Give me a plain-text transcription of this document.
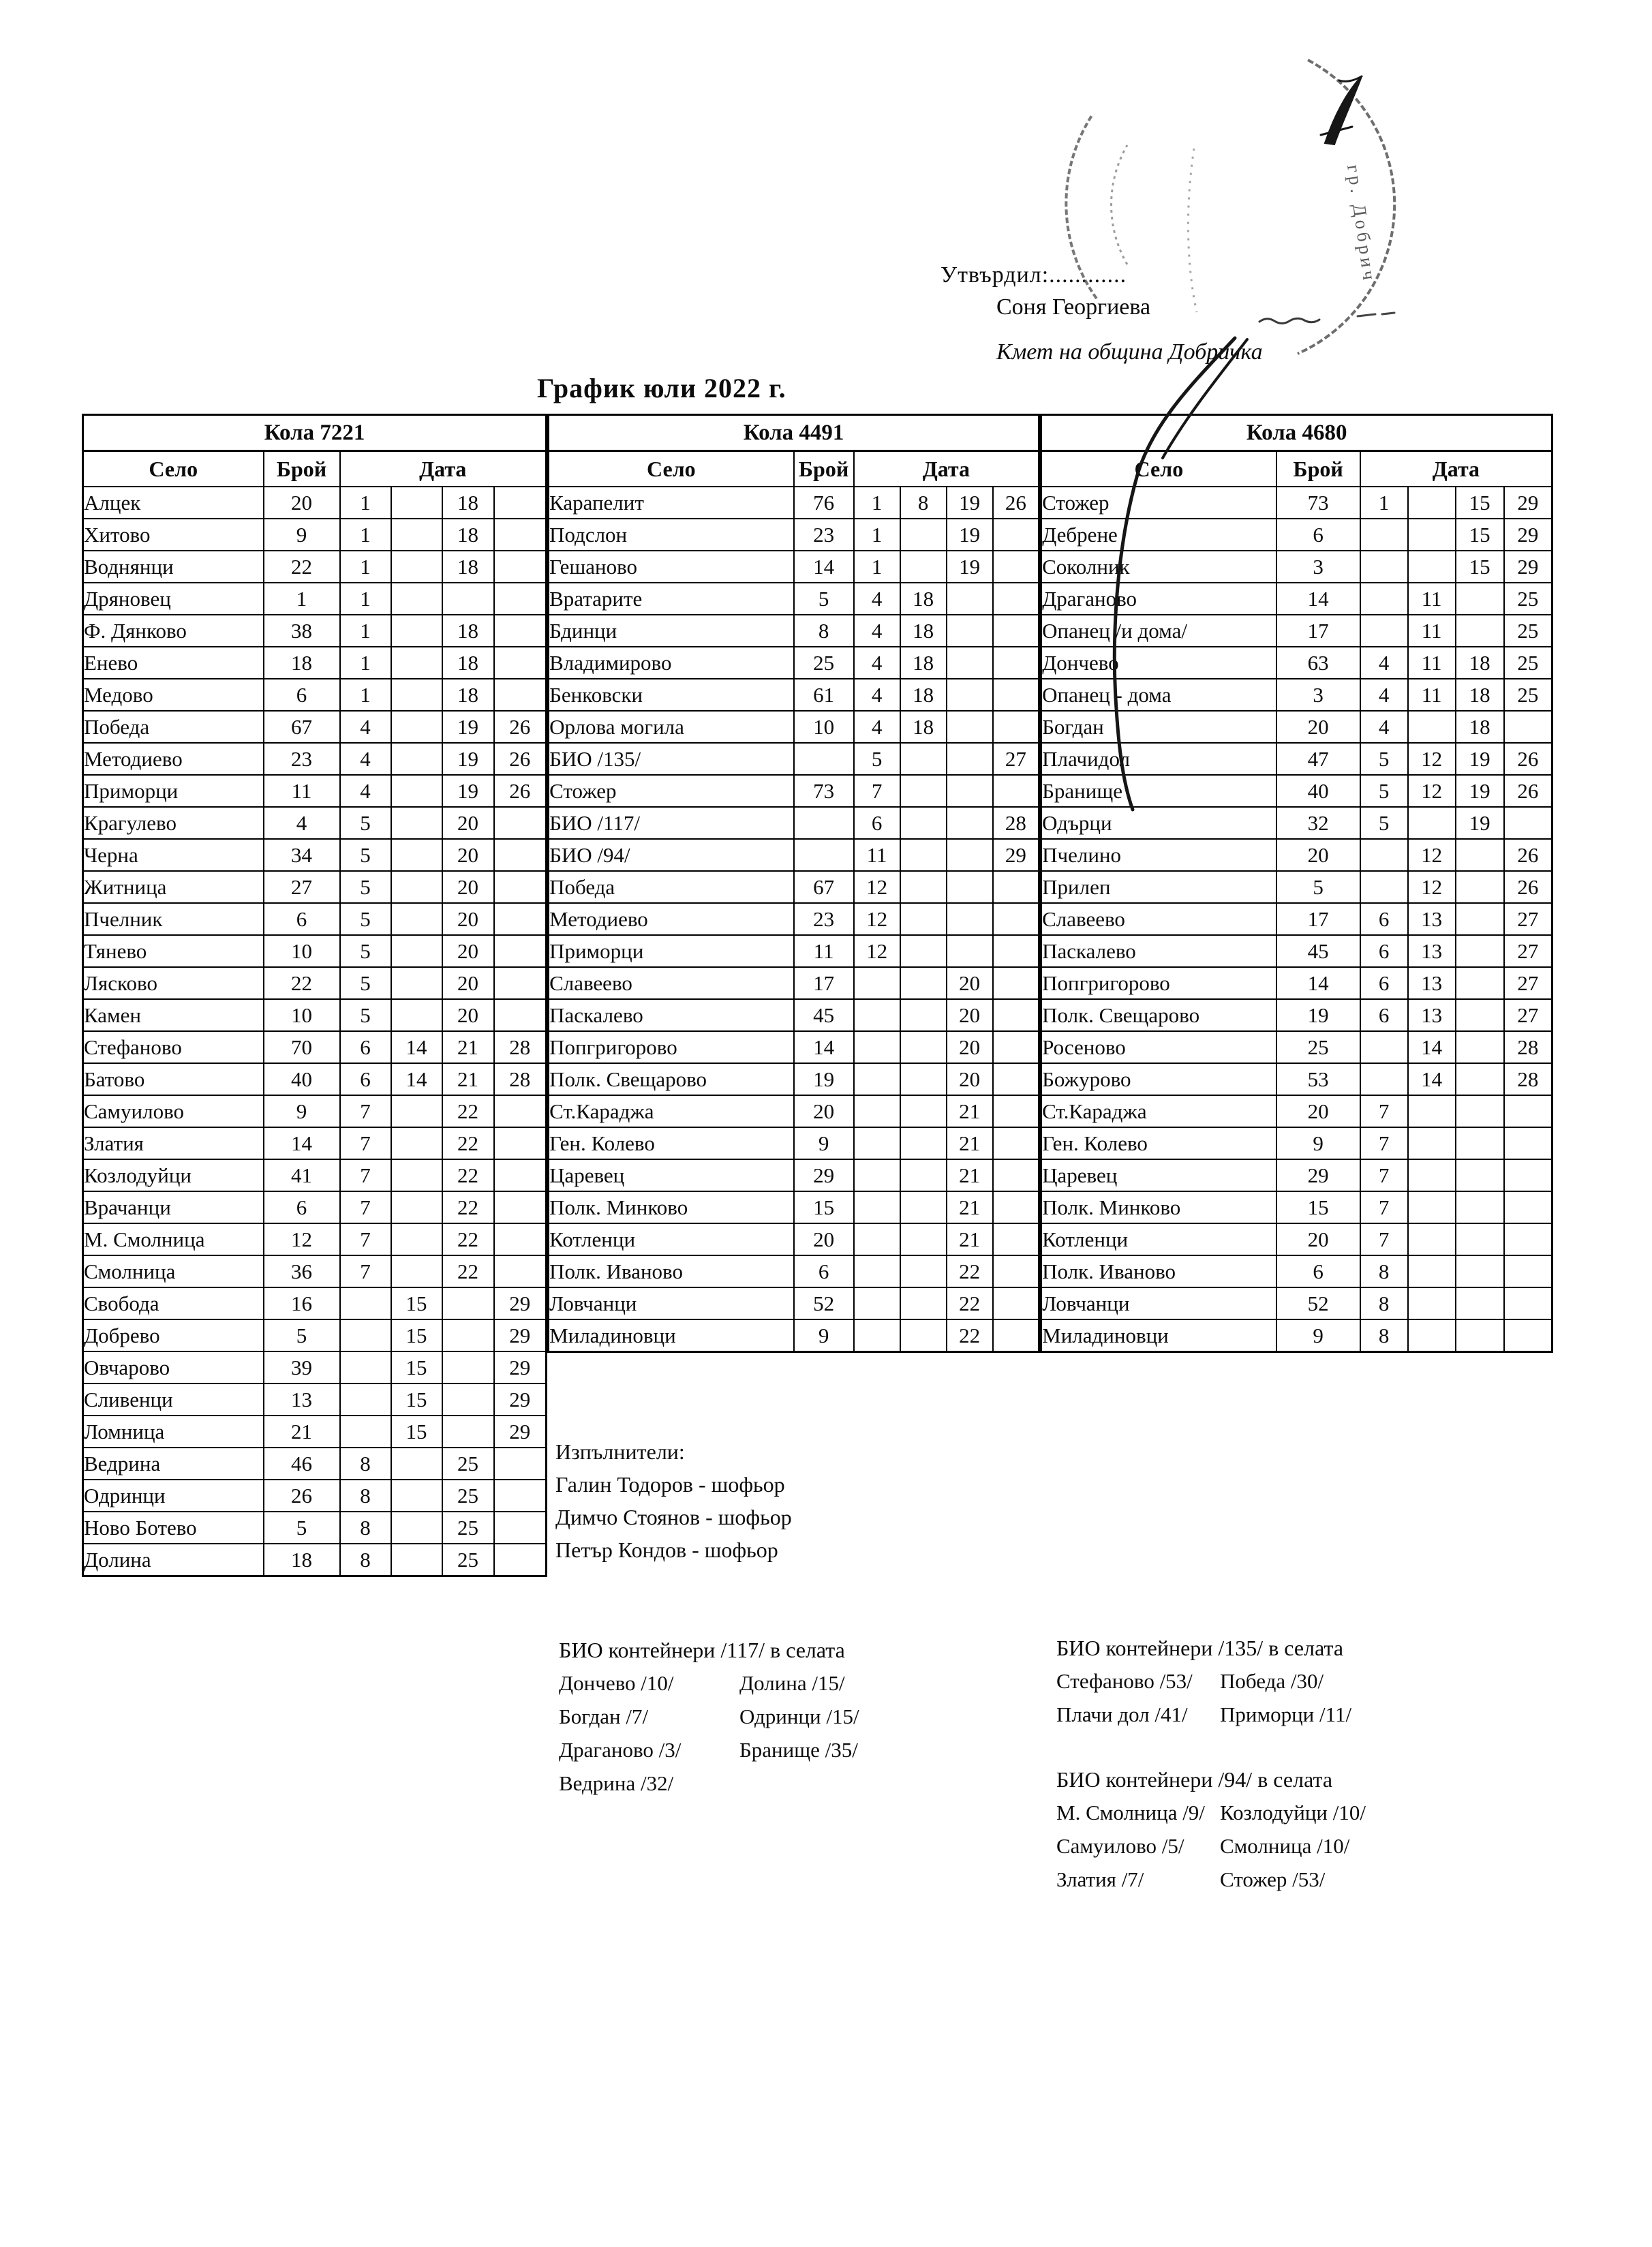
Утвърдил:............
Соня Георгиева
Кмет на община Добричка
График юли 2022 г.
Кола 7221					
Село	Брой	Дата			
Алцек	20	1		18	
Хитово	9	1		18	
Воднянци	22	1		18	
Дряновец	1	1			
Ф. Дянково	38	1		18	
Енево	18	1		18	
Медово	6	1		18	
Победа	67	4		19	26
Методиево	23	4		19	26
Приморци	11	4		19	26
Крагулево	4	5		20	
Черна	34	5		20	
Житница	27	5		20	
Пчелник	6	5		20	
Тянево	10	5		20	
Лясково	22	5		20	
Камен	10	5		20	
Стефаново	70	6	14	21	28
Батово	40	6	14	21	28
Самуилово	9	7		22	
Златия	14	7		22	
Козлодуйци	41	7		22	
Врачанци	6	7		22	
М. Смолница	12	7		22	
Смолница	36	7		22	
Свобода	16		15		29
Добрево	5		15		29
Овчарово	39		15		29
Сливенци	13		15		29
Ломница	21		15		29
Ведрина	46	8		25	
Одринци	26	8		25	
Ново Ботево	5	8		25	
Долина	18	8		25	
Кола 4491					
Село	Брой	Дата			
Карапелит	76	1	8	19	26
Подслон	23	1		19	
Гешаново	14	1		19	
Вратарите	5	4	18		
Бдинци	8	4	18		
Владимирово	25	4	18		
Бенковски	61	4	18		
Орлова могила	10	4	18		
БИО /135/		5			27
Стожер	73	7			
БИО /117/		6			28
БИО /94/		11			29
Победа	67	12			
Методиево	23	12			
Приморци	11	12			
Славеево	17			20	
Паскалево	45			20	
Попгригорово	14			20	
Полк. Свещарово	19			20	
Ст.Караджа	20			21	
Ген. Колево	9			21	
Царевец	29			21	
Полк. Минково	15			21	
Котленци	20			21	
Полк. Иваново	6			22	
Ловчанци	52			22	
Миладиновци	9			22	
Кола 4680					
Село	Брой	Дата			
Стожер	73	1		15	29
Дебрене	6			15	29
Соколник	3			15	29
Драганово	14		11		25
Опанец /и дома/	17		11		25
Дончево	63	4	11	18	25
Опанец - дома	3	4	11	18	25
Богдан	20	4		18	
Плачидол	47	5	12	19	26
Бранище	40	5	12	19	26
Одърци	32	5		19	
Пчелино	20		12		26
Прилеп	5		12		26
Славеево	17	6	13		27
Паскалево	45	6	13		27
Попгригорово	14	6	13		27
Полк. Свещарово	19	6	13		27
Росеново	25		14		28
Божурово	53		14		28
Ст.Караджа	20	7			
Ген. Колево	9	7			
Царевец	29	7			
Полк. Минково	15	7			
Котленци	20	7			
Полк. Иваново	6	8			
Ловчанци	52	8			
Миладиновци	9	8			
Изпълнители:
Галин Тодоров - шофьор
Димчо Стоянов - шофьор
Петър Кондов - шофьор
БИО контейнери /117/ в селата
Дончево /10/
Богдан /7/
Драганово /3/
Ведрина /32/
Долина /15/
Одринци /15/
Бранище /35/
БИО контейнери /135/ в селата
Стефаново /53/
Плачи дол /41/
Победа /30/
Приморци /11/
БИО контейнери /94/ в селата
М. Смолница /9/
Самуилово /5/
Златия /7/
Козлодуйци /10/
Смолница /10/
Стожер /53/
гр. Добрич
